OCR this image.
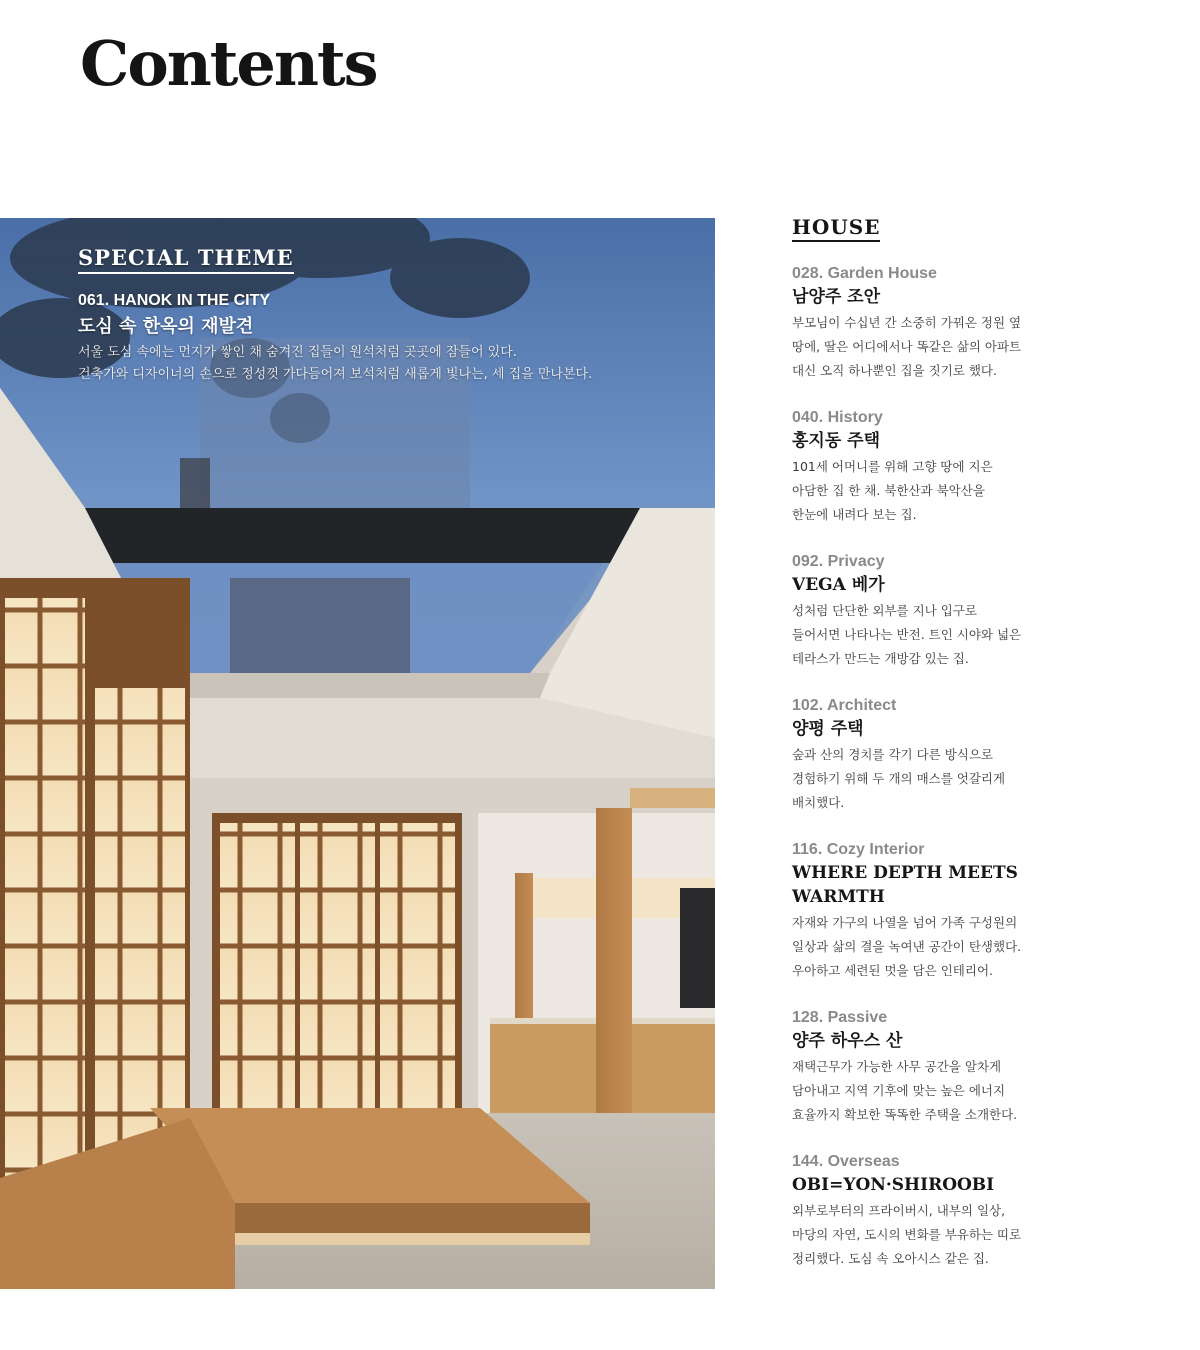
Contents

SPECIAL THEME

061. HANOK IN THE CITY

도심 속 한옥의 재발견

서울 도심 속에는 먼지가 쌓인 채 숨겨진 집들이 원석처럼 곳곳에 잠들어 있다.
건축가와 디자이너의 손으로 정성껏 가다듬어져 보석처럼 새롭게 빛나는, 세 집을 만나본다.

HOUSE

028. Garden House

남양주 조안

부모님이 수십년 간 소중히 가꿔온 정원 옆
땅에, 딸은 어디에서나 똑같은 삶의 아파트
대신 오직 하나뿐인 집을 짓기로 했다.

040. History

홍지동 주택

101세 어머니를 위해 고향 땅에 지은
아담한 집 한 채. 북한산과 북악산을
한눈에 내려다 보는 집.

092. Privacy

VEGA 베가

성처럼 단단한 외부를 지나 입구로
들어서면 나타나는 반전. 트인 시야와 넓은
테라스가 만드는 개방감 있는 집.

102. Architect

양평 주택

숲과 산의 경치를 각기 다른 방식으로
경험하기 위해 두 개의 매스를 엇갈리게
배치했다.

116. Cozy Interior

WHERE DEPTH MEETS
WARMTH

자재와 가구의 나열을 넘어 가족 구성원의
일상과 삶의 결을 녹여낸 공간이 탄생했다.
우아하고 세련된 멋을 담은 인테리어.

128. Passive

양주 하우스 산

재택근무가 가능한 사무 공간을 알차게
담아내고 지역 기후에 맞는 높은 에너지
효율까지 확보한 똑똑한 주택을 소개한다.

144. Overseas

OBI=YON·SHIROOBI

외부로부터의 프라이버시, 내부의 일상,
마당의 자연, 도시의 변화를 부유하는 띠로
정리했다. 도심 속 오아시스 같은 집.
